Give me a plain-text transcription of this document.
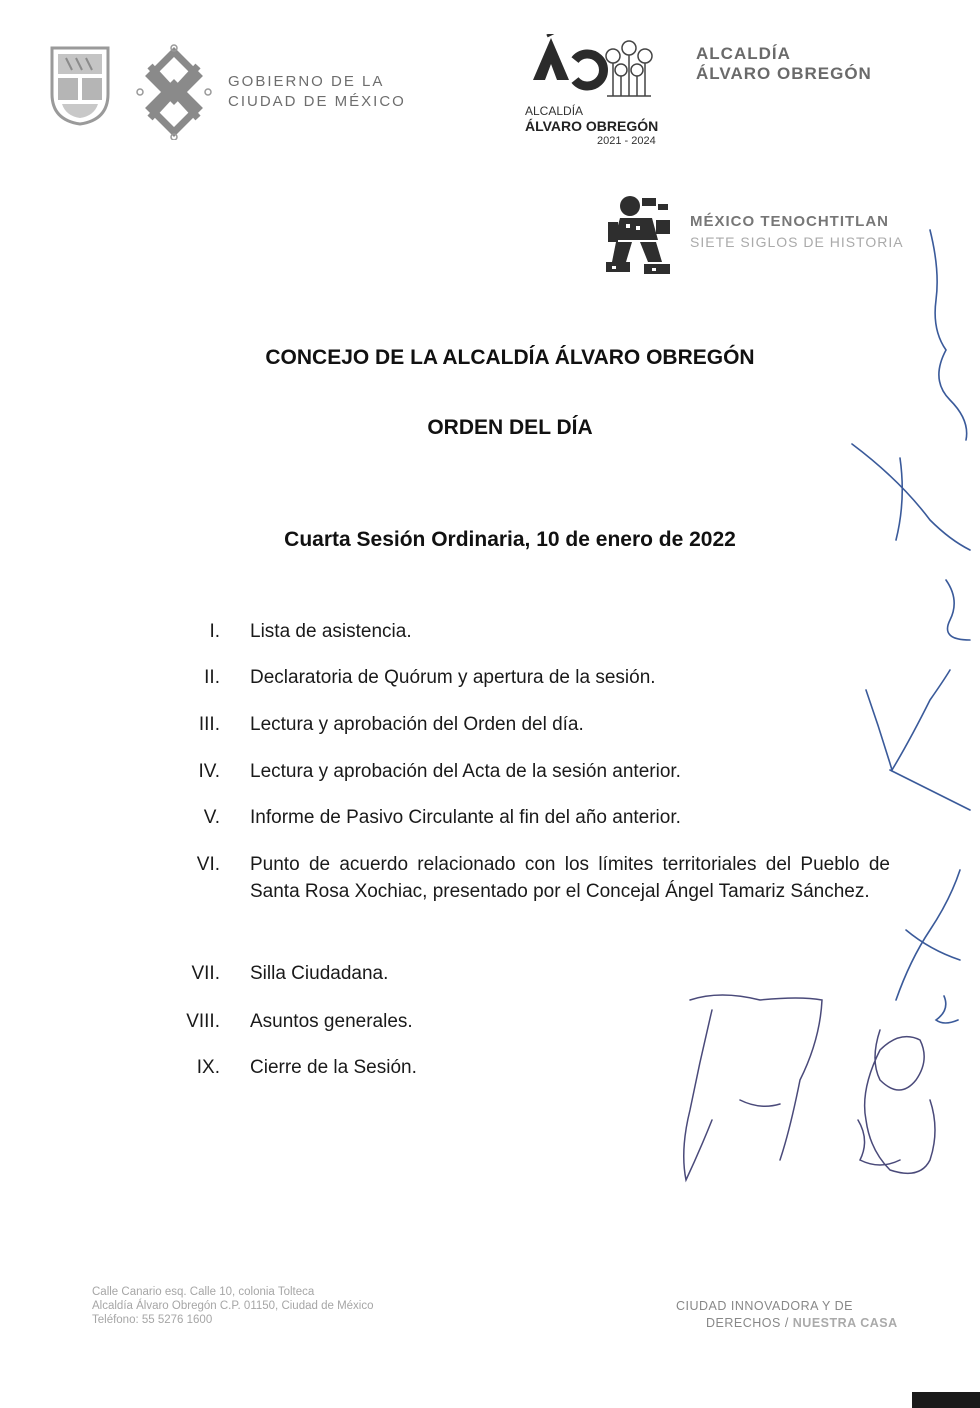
GOBIERNO DE LA
CIUDAD DE MÉXICO
ALCALDÍA
ÁLVARO OBREGÓN
2021 - 2024
ALCALDÍA
ÁLVARO OBREGÓN
MÉXICO TENOCHTITLAN
SIETE SIGLOS DE HISTORIA
CONCEJO DE LA ALCALDÍA ÁLVARO OBREGÓN
ORDEN DEL DÍA
Cuarta Sesión Ordinaria, 10 de enero de 2022
I. Lista de asistencia.
II. Declaratoria de Quórum y apertura de la sesión.
III. Lectura y aprobación del Orden del día.
IV. Lectura y aprobación del Acta de la sesión anterior.
V. Informe de Pasivo Circulante al fin del año anterior.
VI. Punto de acuerdo relacionado con los límites territoriales del Pueblo de Santa Rosa Xochiac, presentado por el Concejal Ángel Tamariz Sánchez.
VII. Silla Ciudadana.
VIII. Asuntos generales.
IX. Cierre de la Sesión.
Calle Canario esq. Calle 10, colonia Tolteca
Alcaldía Álvaro Obregón C.P. 01150, Ciudad de México
Teléfono: 55 5276 1600
CIUDAD INNOVADORA Y DE
DERECHOS / NUESTRA CASA
